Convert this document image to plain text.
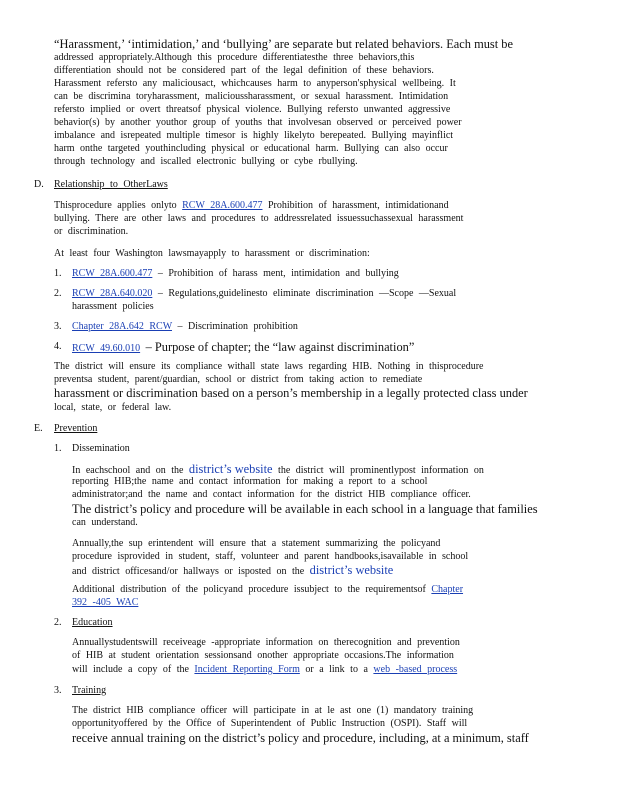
“Harassment,’ ‘intimidation,’ and ‘bullying’ are separate but related behaviors. Each must be
addressed appropriately.Although this procedure differentiatesthe three behaviors,this
differentiation should not be considered part of the legal definition of these behaviors.
Harassment refersto any maliciousact, whichcauses harm to anyperson'sphysical wellbeing. It
can be discrimina toryharassment, malicioussharassment, or sexual harassment. Intimidation
refersto implied or overt threatsof physical violence. Bullying refersto unwanted aggressive
behavior(s) by another youthor group of youths that involvesan observed or perceived power
imbalance and isrepeated multiple timesor is highly likelyto berepeated. Bullying mayinflict
harm onthe targeted youthincluding physical or educational harm. Bullying can also occur
through technology and iscalled electronic bullying or cybe rbullying.
D. Relationship to OtherLaws
Thisprocedure applies onlyto RCW 28A.600.477 Prohibition of harassment, intimidationand
bullying. There are other laws and procedures to addressrelated issuessuchassexual harassment
or discrimination.
At least four Washington lawsmayapply to harassment or discrimination:
1. RCW 28A.600.477 – Prohibition of harass ment, intimidation and bullying
2. RCW 28A.640.020 – Regulations,guidelinesto eliminate discrimination —Scope —Sexual
harassment policies
3. Chapter 28A.642 RCW – Discrimination prohibition
4. RCW 49.60.010 – Purpose of chapter; the “law against discrimination”
The district will ensure its compliance withall state laws regarding HIB. Nothing in thisprocedure
preventsa student, parent/guardian, school or district from taking action to remediate
harassment or discrimination based on a person’s membership in a legally protected class under
local, state, or federal law.
E. Prevention
1. Dissemination
In eachschool and on the district’s website the district will prominentlypost information on
reporting HIB;the name and contact information for making a report to a school
administrator;and the name and contact information for the district HIB compliance officer.
The district’s policy and procedure will be available in each school in a language that families
can understand.
Annually,the sup erintendent will ensure that a statement summarizing the policyand
procedure isprovided in student, staff, volunteer and parent handbooks,isavailable in school
and district officesand/or hallways or isposted on the district’s website
Additional distribution of the policyand procedure issubject to the requirementsof Chapter
392 -405 WAC
2. Education
Annuallystudentswill receiveage -appropriate information on therecognition and prevention
of HIB at student orientation sessionsand onother appropriate occasions.The information
will include a copy of the Incident Reporting Form or a link to a web -based process
3. Training
The district HIB compliance officer will participate in at le ast one (1) mandatory training
opportunityoffered by the Office of Superintendent of Public Instruction (OSPI). Staff will
receive annual training on the district’s policy and procedure, including, at a minimum, staff
